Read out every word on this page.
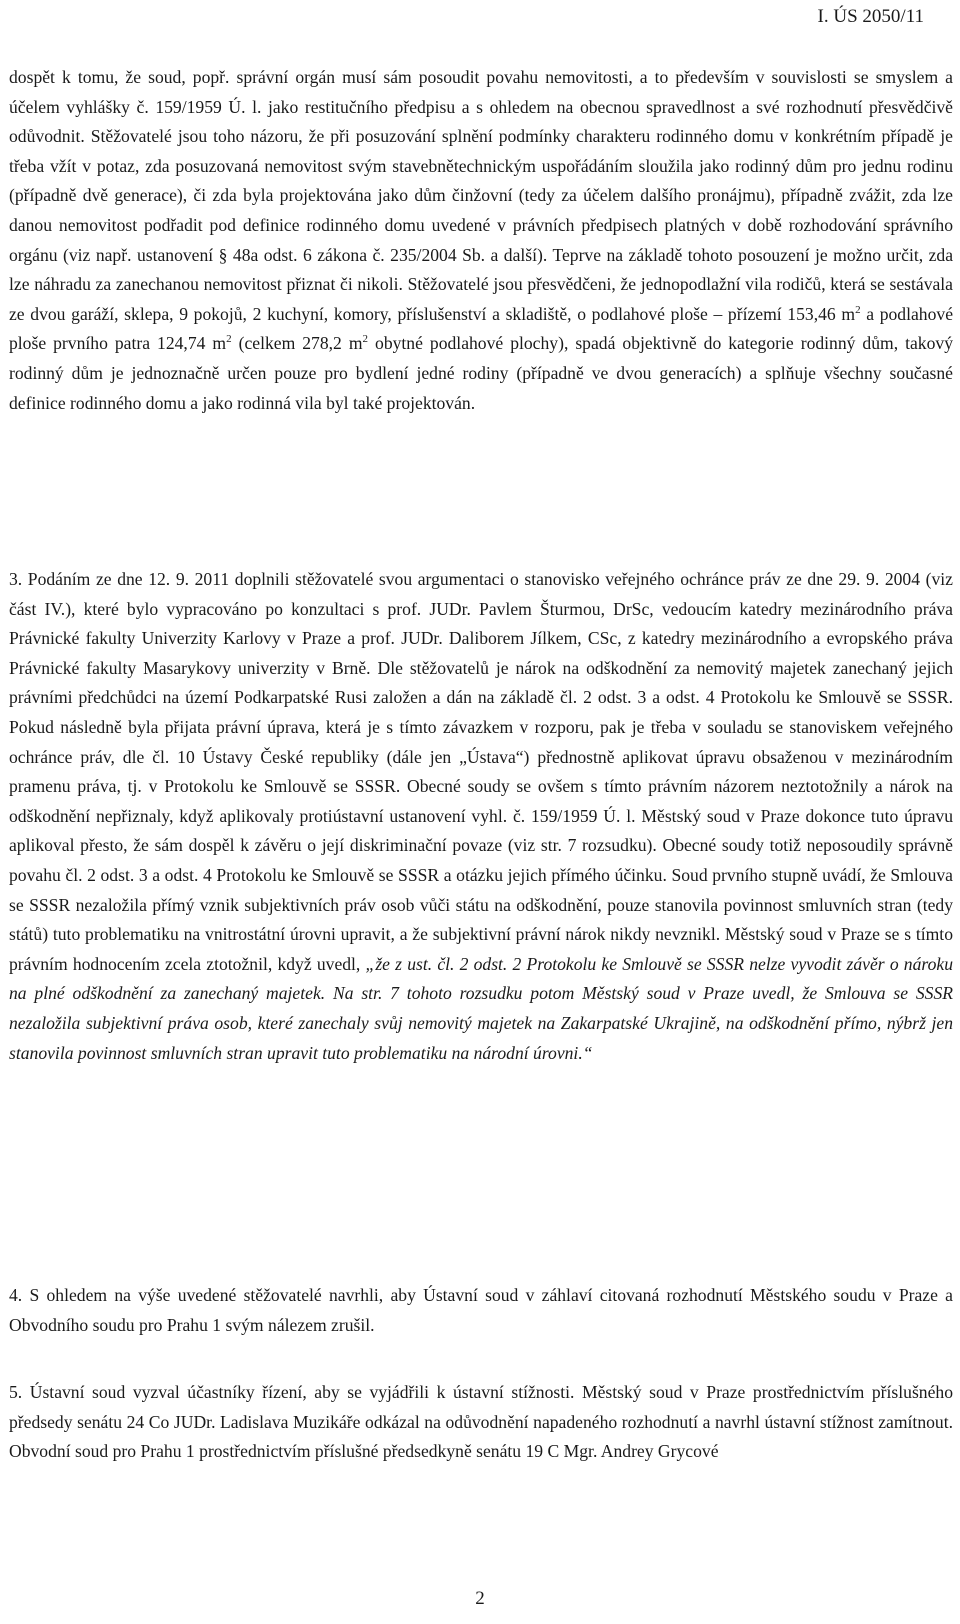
I. ÚS 2050/11

dospět k tomu, že soud, popř. správní orgán musí sám posoudit povahu nemovitosti, a to především v souvislosti se smyslem a účelem vyhlášky č. 159/1959 Ú. l. jako restitučního předpisu a s ohledem na obecnou spravedlnost a své rozhodnutí přesvědčivě odůvodnit. Stěžovatelé jsou toho názoru, že při posuzování splnění podmínky charakteru rodinného domu v konkrétním případě je třeba vžít v potaz, zda posuzovaná nemovitost svým stavebnětechnickým uspořádáním sloužila jako rodinný dům pro jednu rodinu (případně dvě generace), či zda byla projektována jako dům činžovní (tedy za účelem dalšího pronájmu), případně zvážit, zda lze danou nemovitost podřadit pod definice rodinného domu uvedené v právních předpisech platných v době rozhodování správního orgánu (viz např. ustanovení § 48a odst. 6 zákona č. 235/2004 Sb. a další). Teprve na základě tohoto posouzení je možno určit, zda lze náhradu za zanechanou nemovitost přiznat či nikoli. Stěžovatelé jsou přesvědčeni, že jednopodlažní vila rodičů, která se sestávala ze dvou garáží, sklepa, 9 pokojů, 2 kuchyní, komory, příslušenství a skladiště, o podlahové ploše – přízemí 153,46 $m^2$ a podlahové ploše prvního patra 124,74 $m^2$ (celkem 278,2 $m^2$ obytné podlahové plochy), spadá objektivně do kategorie rodinný dům, takový rodinný dům je jednoznačně určen pouze pro bydlení jedné rodiny (případně ve dvou generacích) a splňuje všechny současné definice rodinného domu a jako rodinná vila byl také projektován.

3. Podáním ze dne 12. 9. 2011 doplnili stěžovatelé svou argumentaci o stanovisko veřejného ochránce práv ze dne 29. 9. 2004 (viz část IV.), které bylo vypracováno po konzultaci s prof. JUDr. Pavlem Šturmou, DrSc, vedoucím katedry mezinárodního práva Právnické fakulty Univerzity Karlovy v Praze a prof. JUDr. Daliborem Jílkem, CSc, z katedry mezinárodního a evropského práva Právnické fakulty Masarykovy univerzity v Brně. Dle stěžovatelů je nárok na odškodnění za nemovitý majetek zanechaný jejich právními předchůdci na území Podkarpatské Rusi založen a dán na základě čl. 2 odst. 3 a odst. 4 Protokolu ke Smlouvě se SSSR. Pokud následně byla přijata právní úprava, která je s tímto závazkem v rozporu, pak je třeba v souladu se stanoviskem veřejného ochránce práv, dle čl. 10 Ústavy České republiky (dále jen „Ústava“) přednostně aplikovat úpravu obsaženou v mezinárodním pramenu práva, tj. v Protokolu ke Smlouvě se SSSR. Obecné soudy se ovšem s tímto právním názorem neztotožnily a nárok na odškodnění nepřiznaly, když aplikovaly protiústavní ustanovení vyhl. č. 159/1959 Ú. l. Městský soud v Praze dokonce tuto úpravu aplikoval přesto, že sám dospěl k závěru o její diskriminační povaze (viz str. 7 rozsudku). Obecné soudy totiž neposoudily správně povahu čl. 2 odst. 3 a odst. 4 Protokolu ke Smlouvě se SSSR a otázku jejich přímého účinku. Soud prvního stupně uvádí, že Smlouva se SSSR nezaložila přímý vznik subjektivních práv osob vůči státu na odškodnění, pouze stanovila povinnost smluvních stran (tedy států) tuto problematiku na vnitrostátní úrovni upravit, a že subjektivní právní nárok nikdy nevznikl. Městský soud v Praze se s tímto právním hodnocením zcela ztotožnil, když uvedl, „že z ust. čl. 2 odst. 2 Protokolu ke Smlouvě se SSSR nelze vyvodit závěr o nároku na plné odškodnění za zanechaný majetek. Na str. 7 tohoto rozsudku potom Městský soud v Praze uvedl, že Smlouva se SSSR nezaložila subjektivní práva osob, které zanechaly svůj nemovitý majetek na Zakarpatské Ukrajině, na odškodnění přímo, nýbrž jen stanovila povinnost smluvních stran upravit tuto problematiku na národní úrovni.“

4. S ohledem na výše uvedené stěžovatelé navrhli, aby Ústavní soud v záhlaví citovaná rozhodnutí Městského soudu v Praze a Obvodního soudu pro Prahu 1 svým nálezem zrušil.

5. Ústavní soud vyzval účastníky řízení, aby se vyjádřili k ústavní stížnosti. Městský soud v Praze prostřednictvím příslušného předsedy senátu 24 Co JUDr. Ladislava Muzikáře odkázal na odůvodnění napadeného rozhodnutí a navrhl ústavní stížnost zamítnout. Obvodní soud pro Prahu 1 prostřednictvím příslušné předsedkyně senátu 19 C Mgr. Andrey Grycové

2
